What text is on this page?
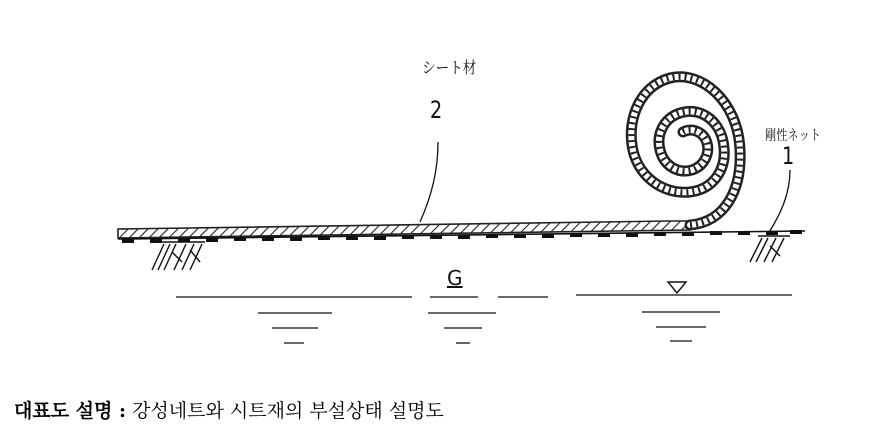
シート材
2
剛性ネット
1
G
대표도 설명 : 강성네트와 시트재의 부설상태 설명도
